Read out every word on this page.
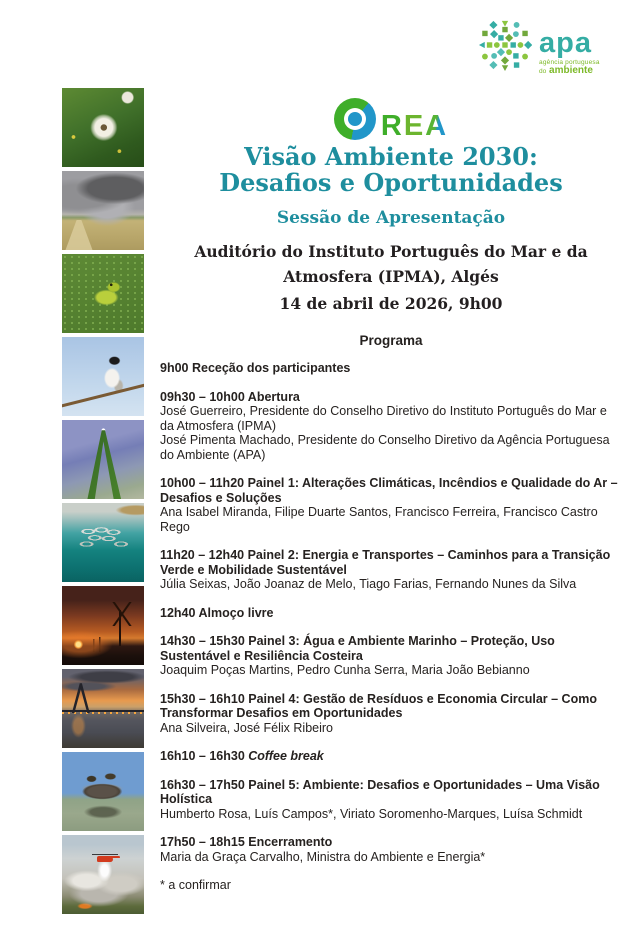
apa
agência portuguesa
do ambiente
REA
Visão Ambiente 2030:
Desafios e Oportunidades
Sessão de Apresentação
Auditório do Instituto Português do Mar e da
Atmosfera (IPMA), Algés
14 de abril de 2026, 9h00
Programa

9h00 Receção dos participantes

09h30 – 10h00 Abertura

José Guerreiro, Presidente do Conselho Diretivo do Instituto Português do Mar e da Atmosfera (IPMA)

José Pimenta Machado, Presidente do Conselho Diretivo da Agência Portuguesa do Ambiente (APA)

10h00 – 11h20 Painel 1: Alterações Climáticas, Incêndios e Qualidade do Ar – Desafios e Soluções

Ana Isabel Miranda, Filipe Duarte Santos, Francisco Ferreira, Francisco Castro Rego

11h20 – 12h40 Painel 2: Energia e Transportes – Caminhos para a Transição Verde e Mobilidade Sustentável

Júlia Seixas, João Joanaz de Melo, Tiago Farias, Fernando Nunes da Silva

12h40 Almoço livre

14h30 – 15h30 Painel 3: Água e Ambiente Marinho – Proteção, Uso Sustentável e Resiliência Costeira

Joaquim Poças Martins, Pedro Cunha Serra, Maria João Bebianno

15h30 – 16h10 Painel 4: Gestão de Resíduos e Economia Circular – Como Transformar Desafios em Oportunidades

Ana Silveira, José Félix Ribeiro

16h10 – 16h30 Coffee break

16h30 – 17h50 Painel 5: Ambiente: Desafios e Oportunidades – Uma Visão Holística

Humberto Rosa, Luís Campos*, Viriato Soromenho-Marques, Luísa Schmidt

17h50 – 18h15 Encerramento

Maria da Graça Carvalho, Ministra do Ambiente e Energia*

* a confirmar
